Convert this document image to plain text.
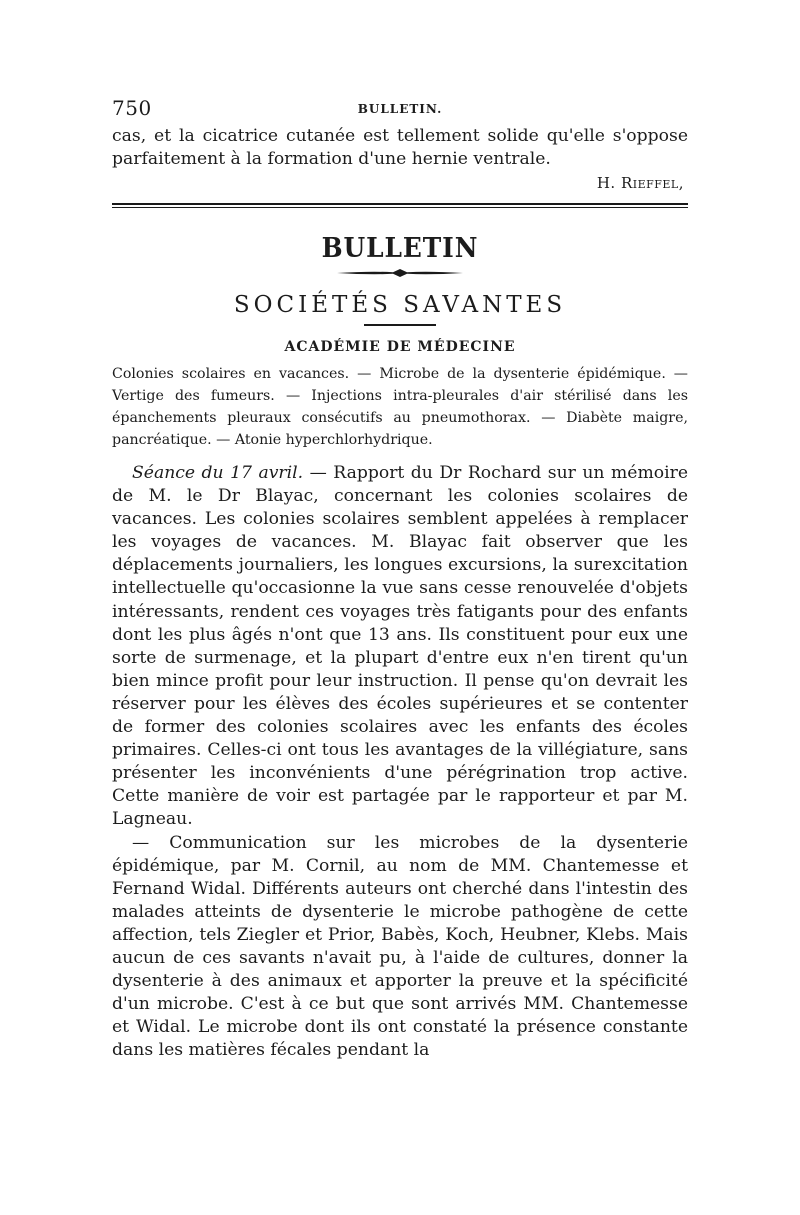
750	BULLETIN.
cas, et la cicatrice cutanée est tellement solide qu'elle s'oppose parfaitement à la formation d'une hernie ventrale.
H. Rieffel,
BULLETIN
SOCIÉTÉS SAVANTES
ACADÉMIE DE MÉDECINE
Colonies scolaires en vacances. — Microbe de la dysenterie épidémique. — Vertige des fumeurs. — Injections intra-pleurales d'air stérilisé dans les épanchements pleuraux consécutifs au pneumothorax. — Diabète maigre, pancréatique. — Atonie hyperchlorhydrique.

Séance du 17 avril. — Rapport du Dr Rochard sur un mémoire de M. le Dr Blayac, concernant les colonies scolaires de vacances. Les colonies scolaires semblent appelées à remplacer les voyages de vacances. M. Blayac fait observer que les déplacements journaliers, les longues excursions, la surexcitation intellectuelle qu'occasionne la vue sans cesse renouvelée d'objets intéressants, rendent ces voyages très fatigants pour des enfants dont les plus âgés n'ont que 13 ans. Ils constituent pour eux une sorte de surmenage, et la plupart d'entre eux n'en tirent qu'un bien mince profit pour leur instruction. Il pense qu'on devrait les réserver pour les élèves des écoles supérieures et se contenter de former des colonies scolaires avec les enfants des écoles primaires. Celles-ci ont tous les avantages de la villégiature, sans présenter les inconvénients d'une pérégrination trop active. Cette manière de voir est partagée par le rapporteur et par M. Lagneau.

— Communication sur les microbes de la dysenterie épidémique, par M. Cornil, au nom de MM. Chantemesse et Fernand Widal. Différents auteurs ont cherché dans l'intestin des malades atteints de dysenterie le microbe pathogène de cette affection, tels Ziegler et Prior, Babès, Koch, Heubner, Klebs. Mais aucun de ces savants n'avait pu, à l'aide de cultures, donner la dysenterie à des animaux et apporter la preuve et la spécificité d'un microbe. C'est à ce but que sont arrivés MM. Chantemesse et Widal. Le microbe dont ils ont constaté la présence constante dans les matières fécales pendant la
